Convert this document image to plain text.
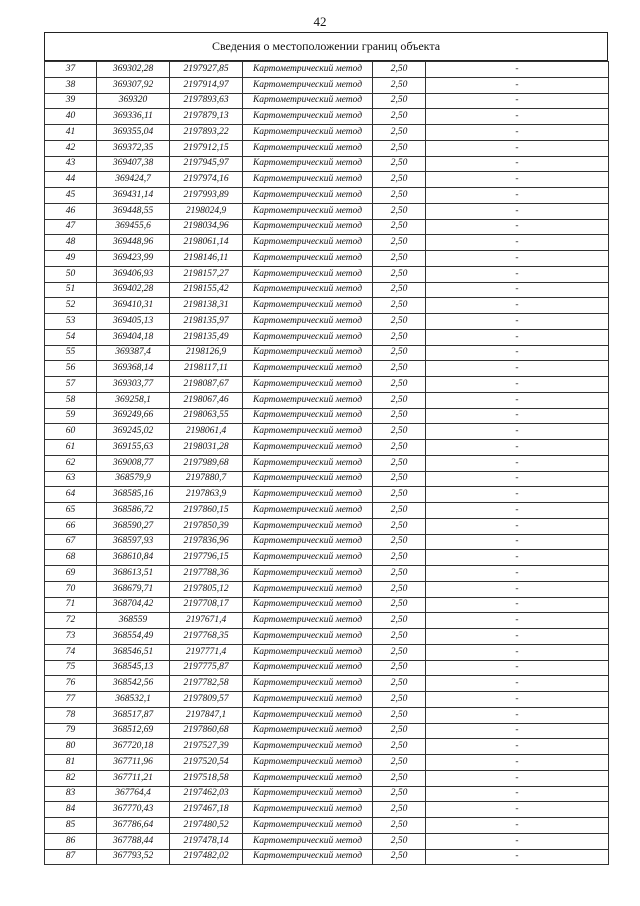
42
Сведения о местоположении границ объекта
37	369302,28	2197927,85	Картометрический метод	2,50	-
38	369307,92	2197914,97	Картометрический метод	2,50	-
39	369320	2197893,63	Картометрический метод	2,50	-
40	369336,11	2197879,13	Картометрический метод	2,50	-
41	369355,04	2197893,22	Картометрический метод	2,50	-
42	369372,35	2197912,15	Картометрический метод	2,50	-
43	369407,38	2197945,97	Картометрический метод	2,50	-
44	369424,7	2197974,16	Картометрический метод	2,50	-
45	369431,14	2197993,89	Картометрический метод	2,50	-
46	369448,55	2198024,9	Картометрический метод	2,50	-
47	369455,6	2198034,96	Картометрический метод	2,50	-
48	369448,96	2198061,14	Картометрический метод	2,50	-
49	369423,99	2198146,11	Картометрический метод	2,50	-
50	369406,93	2198157,27	Картометрический метод	2,50	-
51	369402,28	2198155,42	Картометрический метод	2,50	-
52	369410,31	2198138,31	Картометрический метод	2,50	-
53	369405,13	2198135,97	Картометрический метод	2,50	-
54	369404,18	2198135,49	Картометрический метод	2,50	-
55	369387,4	2198126,9	Картометрический метод	2,50	-
56	369368,14	2198117,11	Картометрический метод	2,50	-
57	369303,77	2198087,67	Картометрический метод	2,50	-
58	369258,1	2198067,46	Картометрический метод	2,50	-
59	369249,66	2198063,55	Картометрический метод	2,50	-
60	369245,02	2198061,4	Картометрический метод	2,50	-
61	369155,63	2198031,28	Картометрический метод	2,50	-
62	369008,77	2197989,68	Картометрический метод	2,50	-
63	368579,9	2197880,7	Картометрический метод	2,50	-
64	368585,16	2197863,9	Картометрический метод	2,50	-
65	368586,72	2197860,15	Картометрический метод	2,50	-
66	368590,27	2197850,39	Картометрический метод	2,50	-
67	368597,93	2197836,96	Картометрический метод	2,50	-
68	368610,84	2197796,15	Картометрический метод	2,50	-
69	368613,51	2197788,36	Картометрический метод	2,50	-
70	368679,71	2197805,12	Картометрический метод	2,50	-
71	368704,42	2197708,17	Картометрический метод	2,50	-
72	368559	2197671,4	Картометрический метод	2,50	-
73	368554,49	2197768,35	Картометрический метод	2,50	-
74	368546,51	2197771,4	Картометрический метод	2,50	-
75	368545,13	2197775,87	Картометрический метод	2,50	-
76	368542,56	2197782,58	Картометрический метод	2,50	-
77	368532,1	2197809,57	Картометрический метод	2,50	-
78	368517,87	2197847,1	Картометрический метод	2,50	-
79	368512,69	2197860,68	Картометрический метод	2,50	-
80	367720,18	2197527,39	Картометрический метод	2,50	-
81	367711,96	2197520,54	Картометрический метод	2,50	-
82	367711,21	2197518,58	Картометрический метод	2,50	-
83	367764,4	2197462,03	Картометрический метод	2,50	-
84	367770,43	2197467,18	Картометрический метод	2,50	-
85	367786,64	2197480,52	Картометрический метод	2,50	-
86	367788,44	2197478,14	Картометрический метод	2,50	-
87	367793,52	2197482,02	Картометрический метод	2,50	-
